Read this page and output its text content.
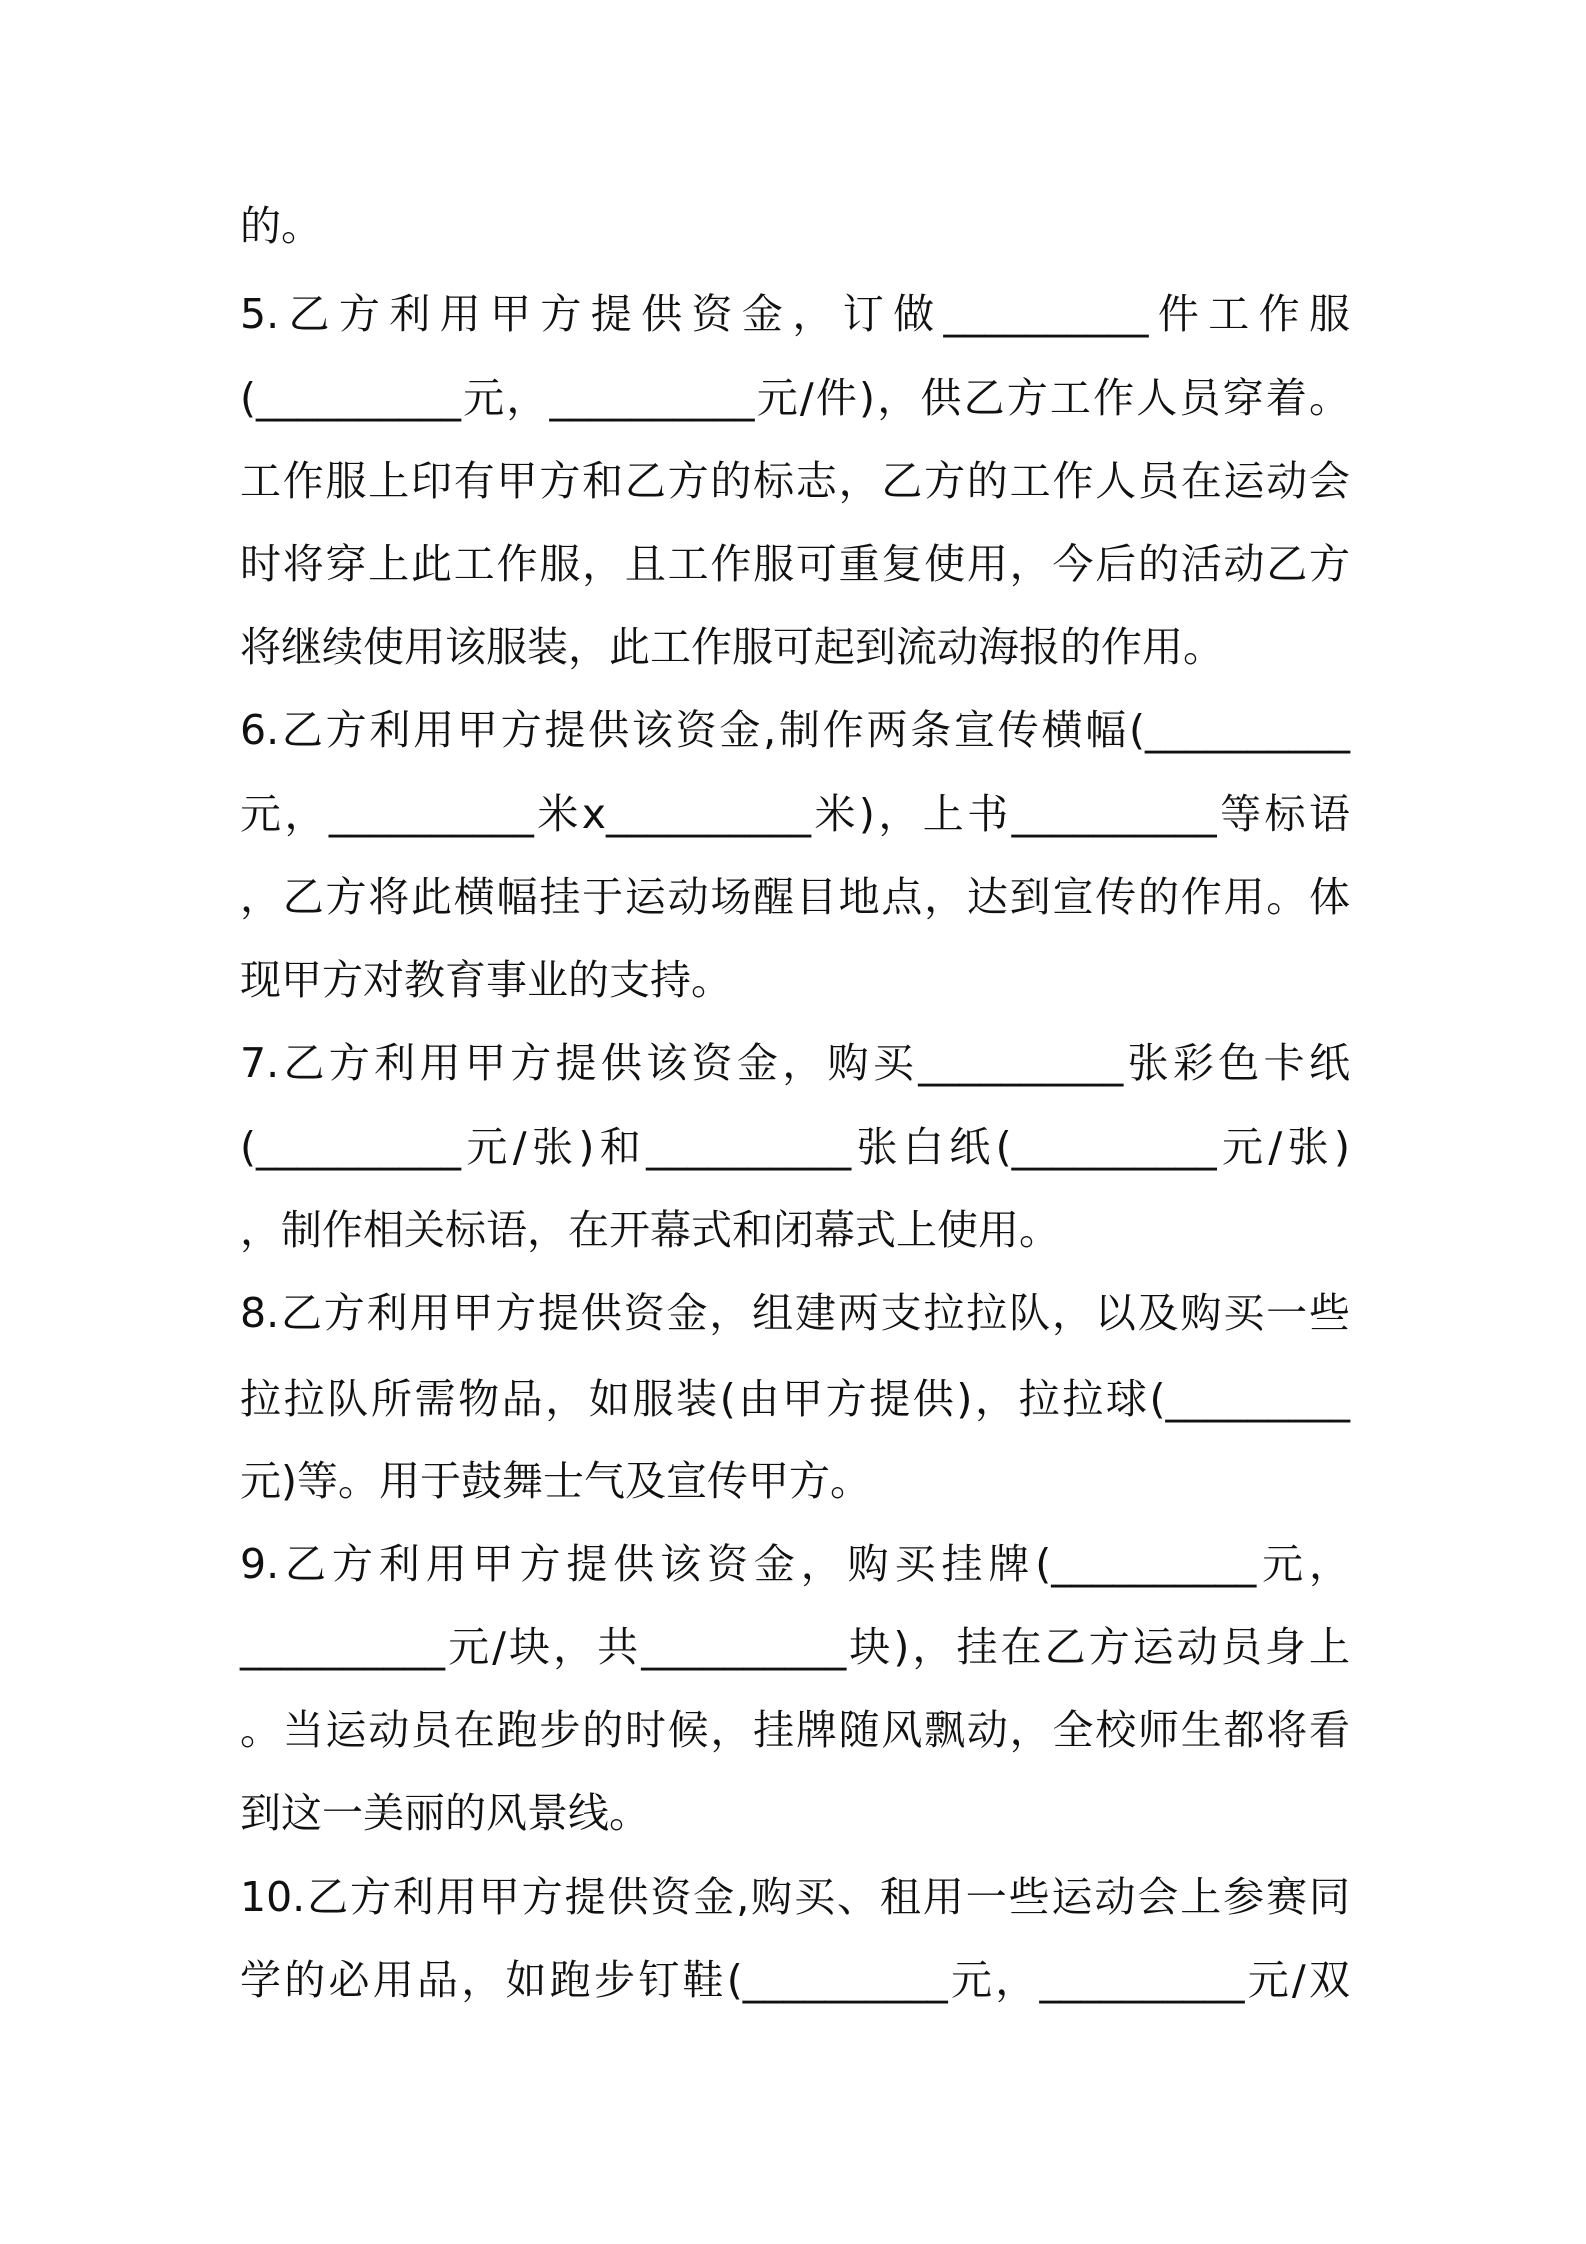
的。
5.乙方利用甲方提供资金，订做__________件工作服
(__________元，__________元/件)，供乙方工作人员穿着。
工作服上印有甲方和乙方的标志，乙方的工作人员在运动会
时将穿上此工作服，且工作服可重复使用，今后的活动乙方
将继续使用该服装，此工作服可起到流动海报的作用。
6.乙方利用甲方提供该资金,制作两条宣传横幅(__________
元，__________米x__________米)，上书__________等标语
，乙方将此横幅挂于运动场醒目地点，达到宣传的作用。体
现甲方对教育事业的支持。
7.乙方利用甲方提供该资金，购买__________张彩色卡纸
(__________元/张)和__________张白纸(__________元/张)
，制作相关标语，在开幕式和闭幕式上使用。
8.乙方利用甲方提供资金，组建两支拉拉队，以及购买一些
拉拉队所需物品，如服装(由甲方提供)，拉拉球(_________
元)等。用于鼓舞士气及宣传甲方。
9.乙方利用甲方提供该资金，购买挂牌(__________元，
__________元/块，共__________块)，挂在乙方运动员身上
。当运动员在跑步的时候，挂牌随风飘动，全校师生都将看
到这一美丽的风景线。
10.乙方利用甲方提供资金,购买、租用一些运动会上参赛同
学的必用品，如跑步钉鞋(__________元，__________元/双
